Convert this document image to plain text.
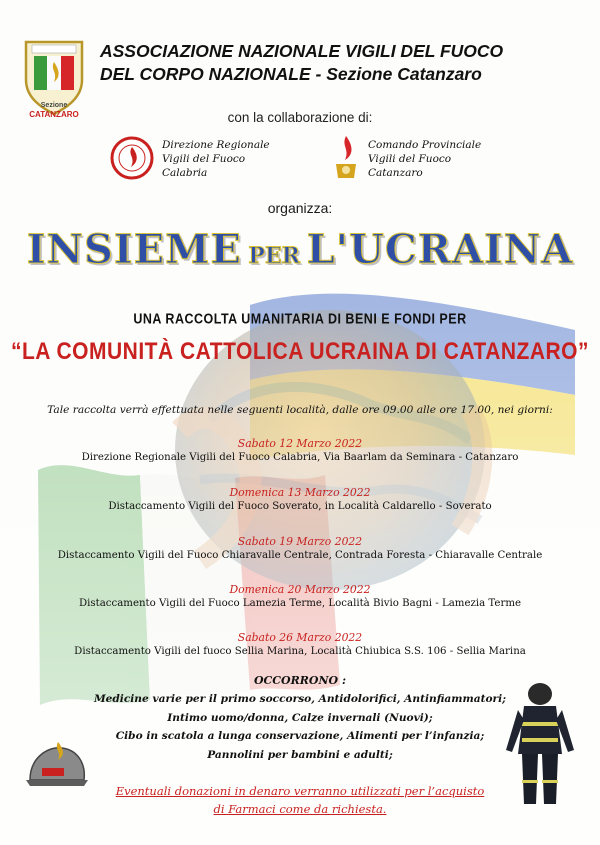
Sezione
CATANZARO
ASSOCIAZIONE NAZIONALE VIGILI DEL FUOCO
DEL CORPO NAZIONALE - Sezione Catanzaro
con la collaborazione di:
Direzione Regionale
Vigili del Fuoco
Calabria
Comando Provinciale
Vigili del Fuoco
Catanzaro
organizza:
INSIEME PER L'UCRAINA
UNA RACCOLTA UMANITARIA DI BENI E FONDI PER
“LA COMUNITÀ CATTOLICA UCRAINA DI CATANZARO”
Tale raccolta verrà effettuata nelle seguenti località, dalle ore 09.00 alle ore 17.00, nei giorni:
Sabato 12 Marzo 2022
Direzione Regionale Vigili del Fuoco Calabria, Via Baarlam da Seminara - Catanzaro
Domenica 13 Marzo 2022
Distaccamento Vigili del Fuoco Soverato, in Località Caldarello - Soverato
Sabato 19 Marzo 2022
Distaccamento Vigili del Fuoco Chiaravalle Centrale, Contrada Foresta - Chiaravalle Centrale
Domenica 20 Marzo 2022
Distaccamento Vigili del Fuoco Lamezia Terme, Località Bivio Bagni - Lamezia Terme
Sabato 26 Marzo 2022
Distaccamento Vigili del fuoco Sellia Marina, Località Chiubica S.S. 106 - Sellia Marina
OCCORRONO :
Medicine varie per il primo soccorso, Antidolorifici, Antinfiammatori;
Intimo uomo/donna, Calze invernali (Nuovi);
Cibo in scatola a lunga conservazione, Alimenti per l’infanzia;
Pannolini per bambini e adulti;
Eventuali donazioni in denaro verranno utilizzati per l’acquisto
di Farmaci come da richiesta.
